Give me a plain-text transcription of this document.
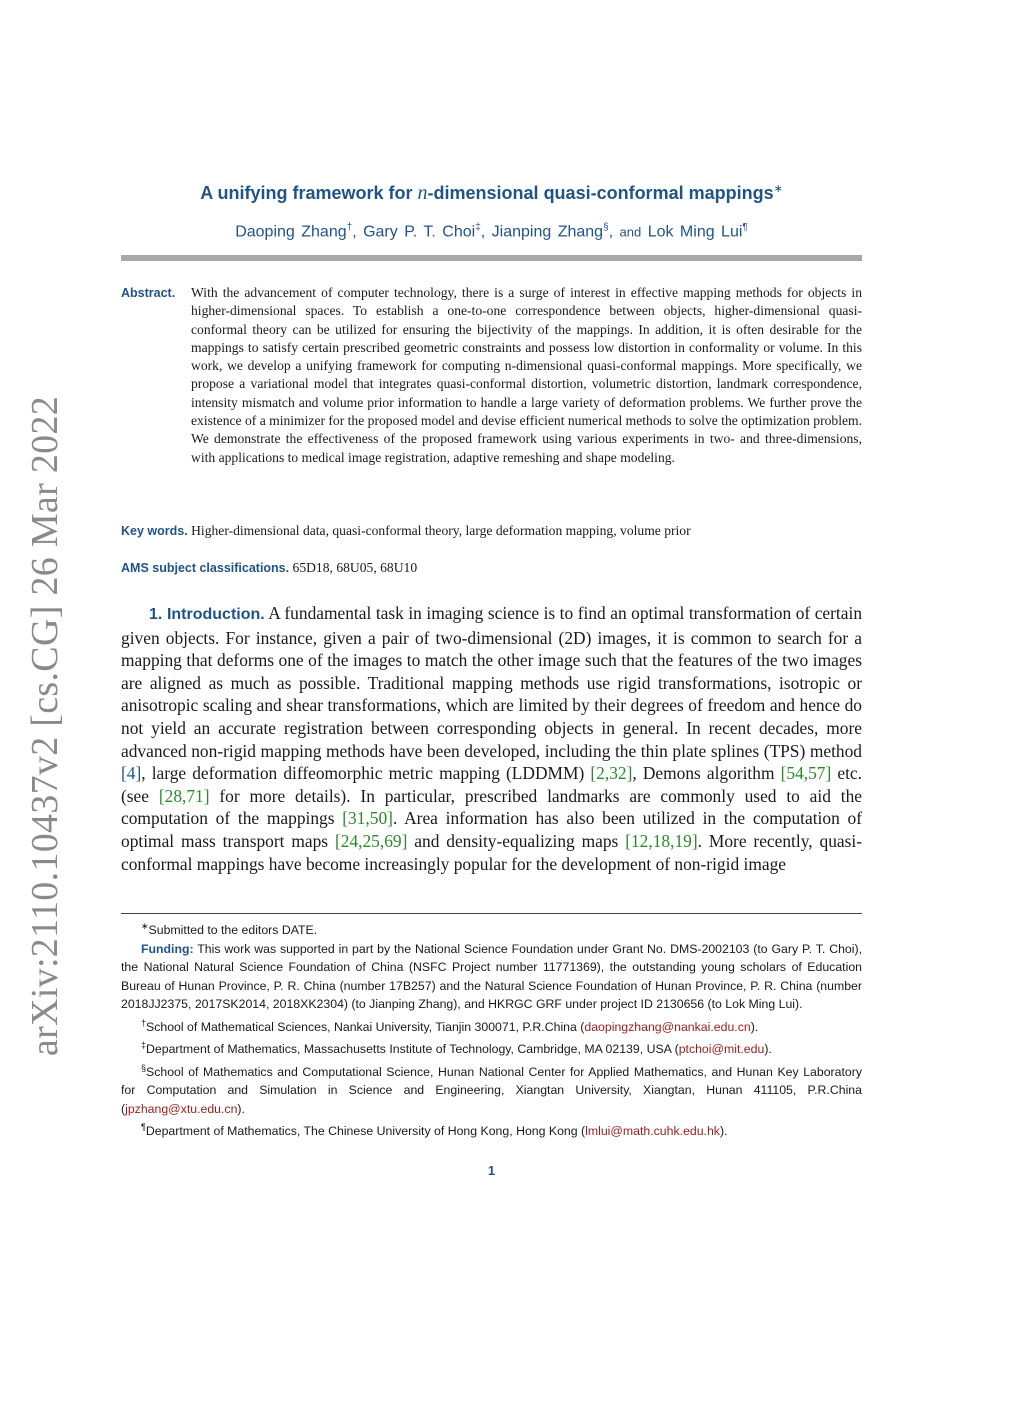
arXiv:2110.10437v2 [cs.CG] 26 Mar 2022
A unifying framework for n-dimensional quasi-conformal mappings∗
Daoping Zhang†, Gary P. T. Choi‡, Jianping Zhang§, and Lok Ming Lui¶
Abstract. With the advancement of computer technology, there is a surge of interest in effective mapping methods for objects in higher-dimensional spaces. To establish a one-to-one correspondence between objects, higher-dimensional quasi-conformal theory can be utilized for ensuring the bijectivity of the mappings. In addition, it is often desirable for the mappings to satisfy certain prescribed geometric constraints and possess low distortion in conformality or volume. In this work, we develop a unifying framework for computing n-dimensional quasi-conformal mappings. More specifically, we propose a variational model that integrates quasi-conformal distortion, volumetric distortion, landmark correspondence, intensity mismatch and volume prior information to handle a large variety of deformation problems. We further prove the existence of a minimizer for the proposed model and devise efficient numerical methods to solve the optimization problem. We demonstrate the effectiveness of the proposed framework using various experiments in two- and three-dimensions, with applications to medical image registration, adaptive remeshing and shape modeling.
Key words. Higher-dimensional data, quasi-conformal theory, large deformation mapping, volume prior
AMS subject classifications. 65D18, 68U05, 68U10
1. Introduction. A fundamental task in imaging science is to find an optimal transformation of certain given objects. For instance, given a pair of two-dimensional (2D) images, it is common to search for a mapping that deforms one of the images to match the other image such that the features of the two images are aligned as much as possible. Traditional mapping methods use rigid transformations, isotropic or anisotropic scaling and shear transformations, which are limited by their degrees of freedom and hence do not yield an accurate registration between corresponding objects in general. In recent decades, more advanced non-rigid mapping methods have been developed, including the thin plate splines (TPS) method [4], large deformation diffeomorphic metric mapping (LDDMM) [2,32], Demons algorithm [54,57] etc. (see [28,71] for more details). In particular, prescribed landmarks are commonly used to aid the computation of the mappings [31,50]. Area information has also been utilized in the computation of optimal mass transport maps [24,25,69] and density-equalizing maps [12,18,19]. More recently, quasi-conformal mappings have become increasingly popular for the development of non-rigid image
∗Submitted to the editors DATE.
Funding: This work was supported in part by the National Science Foundation under Grant No. DMS-2002103 (to Gary P. T. Choi), the National Natural Science Foundation of China (NSFC Project number 11771369), the outstanding young scholars of Education Bureau of Hunan Province, P. R. China (number 17B257) and the Natural Science Foundation of Hunan Province, P. R. China (number 2018JJ2375, 2017SK2014, 2018XK2304) (to Jianping Zhang), and HKRGC GRF under project ID 2130656 (to Lok Ming Lui).
†School of Mathematical Sciences, Nankai University, Tianjin 300071, P.R.China (daopingzhang@nankai.edu.cn).
‡Department of Mathematics, Massachusetts Institute of Technology, Cambridge, MA 02139, USA (ptchoi@mit.edu).
§School of Mathematics and Computational Science, Hunan National Center for Applied Mathematics, and Hunan Key Laboratory for Computation and Simulation in Science and Engineering, Xiangtan University, Xiangtan, Hunan 411105, P.R.China (jpzhang@xtu.edu.cn).
¶Department of Mathematics, The Chinese University of Hong Kong, Hong Kong (lmlui@math.cuhk.edu.hk).
1
